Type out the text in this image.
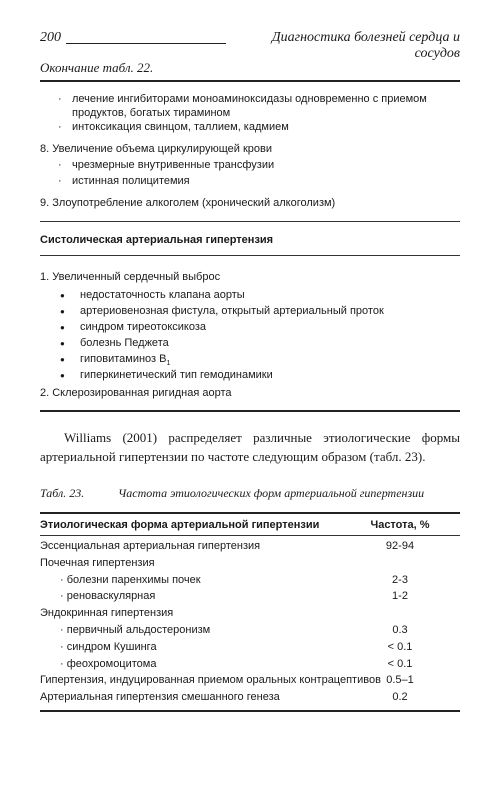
200	Диагностика болезней сердца и сосудов
Окончание табл. 22.
·
лечение ингибиторами моноаминоксидазы одновременно с приемом продуктов, богатых тирамином
·
интоксикация свинцом, таллием, кадмием
8. Увеличение объема циркулирующей крови
·
чрезмерные внутривенные трансфузии
·
истинная полицитемия
9. Злоупотребление алкоголем (хронический алкоголизм)
Систолическая артериальная гипертензия
1. Увеличенный сердечный выброс
●
недостаточность клапана аорты
●
артериовенозная фистула, открытый артериальный проток
●
синдром тиреотоксикоза
●
болезнь Педжета
●
гиповитаминоз $B_1$
●
гиперкинетический тип гемодинамики
2. Склерозированная ригидная аорта
Williams (2001) распределяет различные этиологические формы артериальной гипертензии по частоте следующим образом (табл. 23).
Табл. 23.	Частота этиологических форм артериальной гипертензии
Этиологическая форма артериальной гипертензии	Частота, %
Эссенциальная артериальная гипертензия	92-94
Почечная гипертензия
· болезни паренхимы почек	2-3
· реноваскулярная	1-2
Эндокринная гипертензия
· первичный альдостеронизм	0.3
· синдром Кушинга	< 0.1
· феохромоцитома	< 0.1
Гипертензия, индуцированная приемом оральных контрацептивов 0.5–1
Артериальная гипертензия смешанного генеза	0.2
